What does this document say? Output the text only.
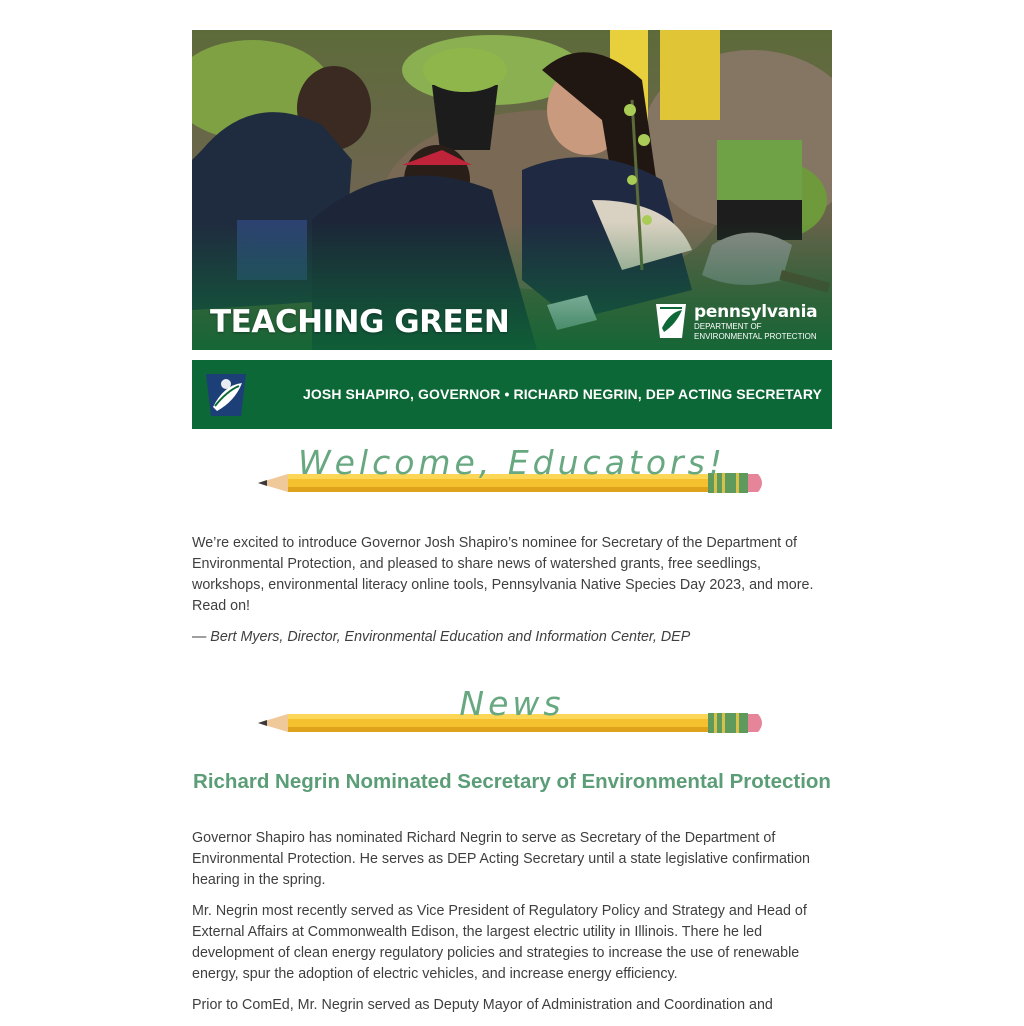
TEACHING GREEN	pennsylvania
DEPARTMENT OF ENVIRONMENTAL PROTECTION
JOSH SHAPIRO, GOVERNOR • RICHARD NEGRIN, DEP ACTING SECRETARY
Welcome, Educators!

We’re excited to introduce Governor Josh Shapiro’s nominee for Secretary of the Department of Environmental Protection, and pleased to share news of watershed grants, free seedlings, workshops, environmental literacy online tools, Pennsylvania Native Species Day 2023, and more. Read on!

— Bert Myers, Director, Environmental Education and Information Center, DEP

News
Richard Negrin Nominated Secretary of Environmental Protection

Governor Shapiro has nominated Richard Negrin to serve as Secretary of the Department of Environmental Protection. He serves as DEP Acting Secretary until a state legislative confirmation hearing in the spring.

Mr. Negrin most recently served as Vice President of Regulatory Policy and Strategy and Head of External Affairs at Commonwealth Edison, the largest electric utility in Illinois. There he led development of clean energy regulatory policies and strategies to increase the use of renewable energy, spur the adoption of electric vehicles, and increase energy efficiency.

Prior to ComEd, Mr. Negrin served as Deputy Mayor of Administration and Coordination and
